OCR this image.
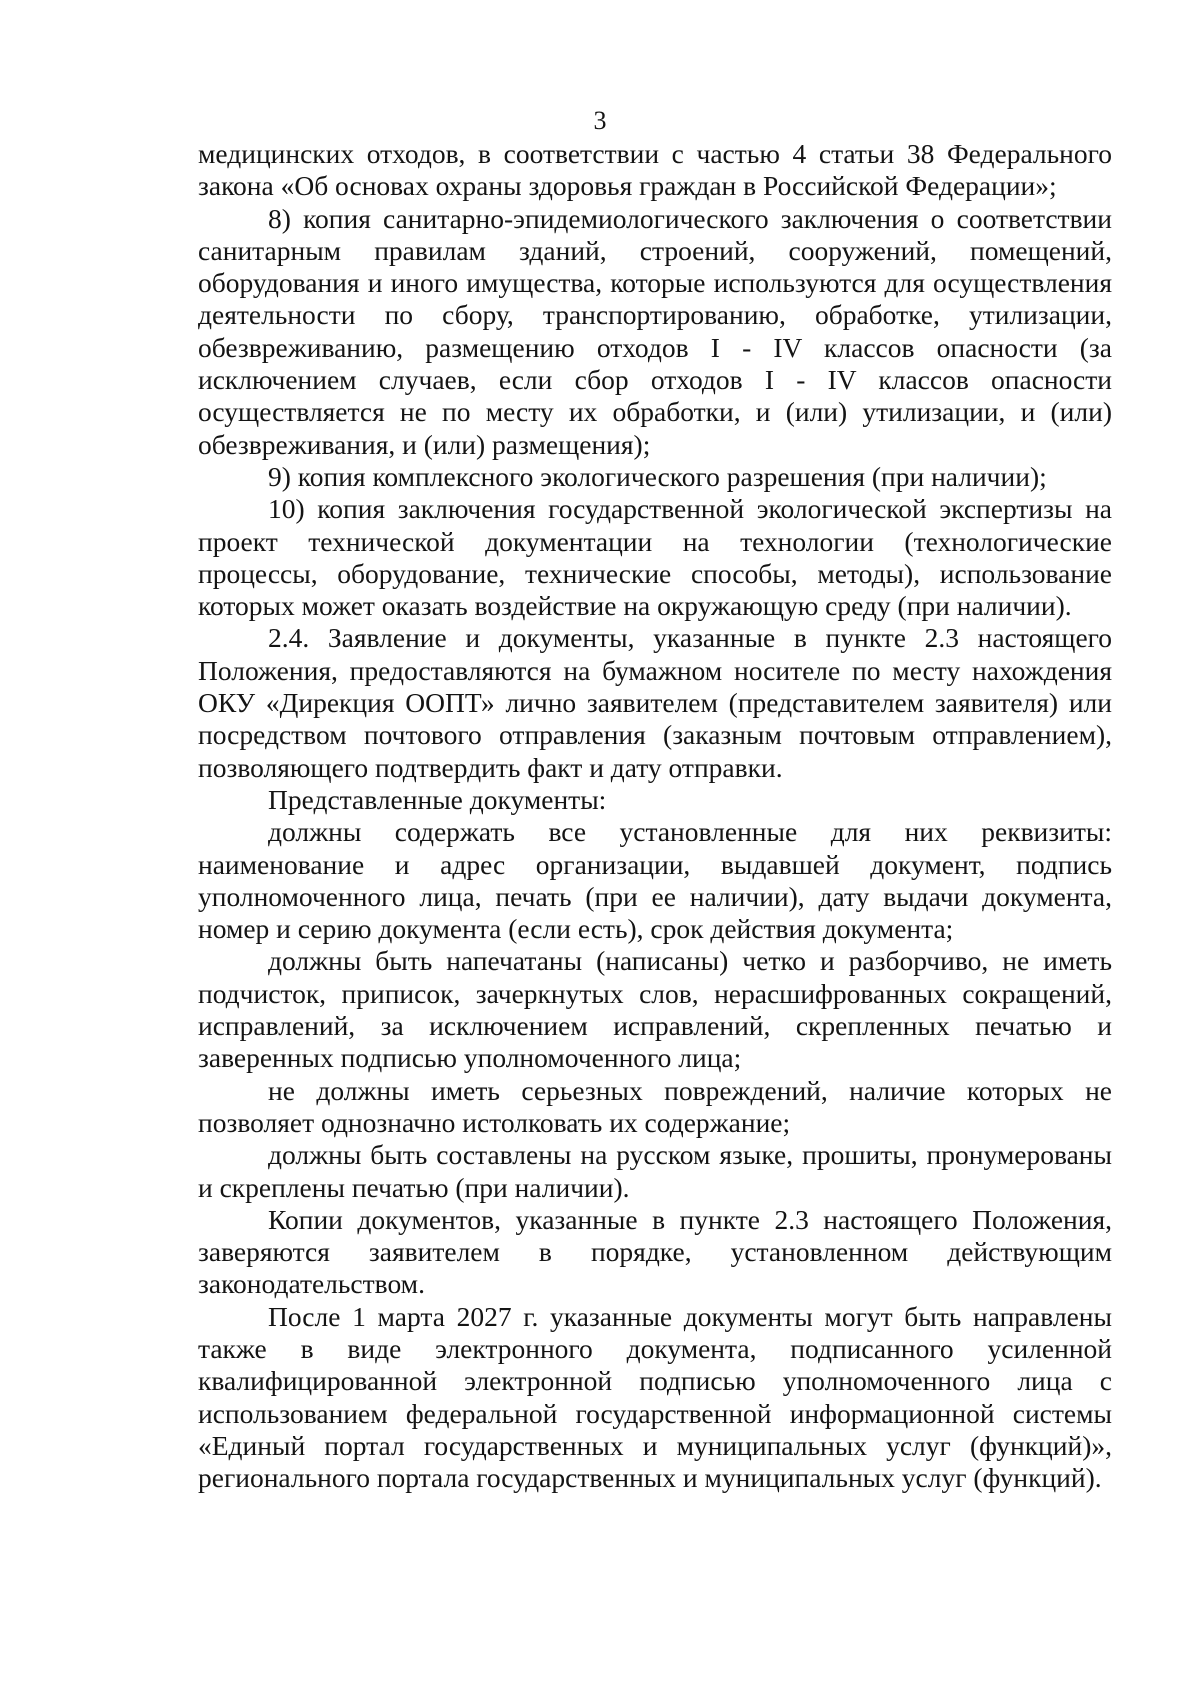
3

медицинских отходов, в соответствии с частью 4 статьи 38 Федерального закона «Об основах охраны здоровья граждан в Российской Федерации»;

8) копия санитарно-эпидемиологического заключения о соответствии санитарным правилам зданий, строений, сооружений, помещений, оборудования и иного имущества, которые используются для осуществления деятельности по сбору, транспортированию, обработке, утилизации, обезвреживанию, размещению отходов I - IV классов опасности (за исключением случаев, если сбор отходов I - IV классов опасности осуществляется не по месту их обработки, и (или) утилизации, и (или) обезвреживания, и (или) размещения);

9) копия комплексного экологического разрешения (при наличии);

10) копия заключения государственной экологической экспертизы на проект технической документации на технологии (технологические процессы, оборудование, технические способы, методы), использование которых может оказать воздействие на окружающую среду (при наличии).

2.4. Заявление и документы, указанные в пункте 2.3 настоящего Положения, предоставляются на бумажном носителе по месту нахождения ОКУ «Дирекция ООПТ» лично заявителем (представителем заявителя) или посредством почтового отправления (заказным почтовым отправлением), позволяющего подтвердить факт и дату отправки.

Представленные документы:

должны содержать все установленные для них реквизиты: наименование и адрес организации, выдавшей документ, подпись уполномоченного лица, печать (при ее наличии), дату выдачи документа, номер и серию документа (если есть), срок действия документа;

должны быть напечатаны (написаны) четко и разборчиво, не иметь подчисток, приписок, зачеркнутых слов, нерасшифрованных сокращений, исправлений, за исключением исправлений, скрепленных печатью и заверенных подписью уполномоченного лица;

не должны иметь серьезных повреждений, наличие которых не позволяет однозначно истолковать их содержание;

должны быть составлены на русском языке, прошиты, пронумерованы и скреплены печатью (при наличии).

Копии документов, указанные в пункте 2.3 настоящего Положения, заверяются заявителем в порядке, установленном действующим законодательством.

После 1 марта 2027 г. указанные документы могут быть направлены также в виде электронного документа, подписанного усиленной квалифицированной электронной подписью уполномоченного лица с использованием федеральной государственной информационной системы «Единый портал государственных и муниципальных услуг (функций)», регионального портала государственных и муниципальных услуг (функций).
